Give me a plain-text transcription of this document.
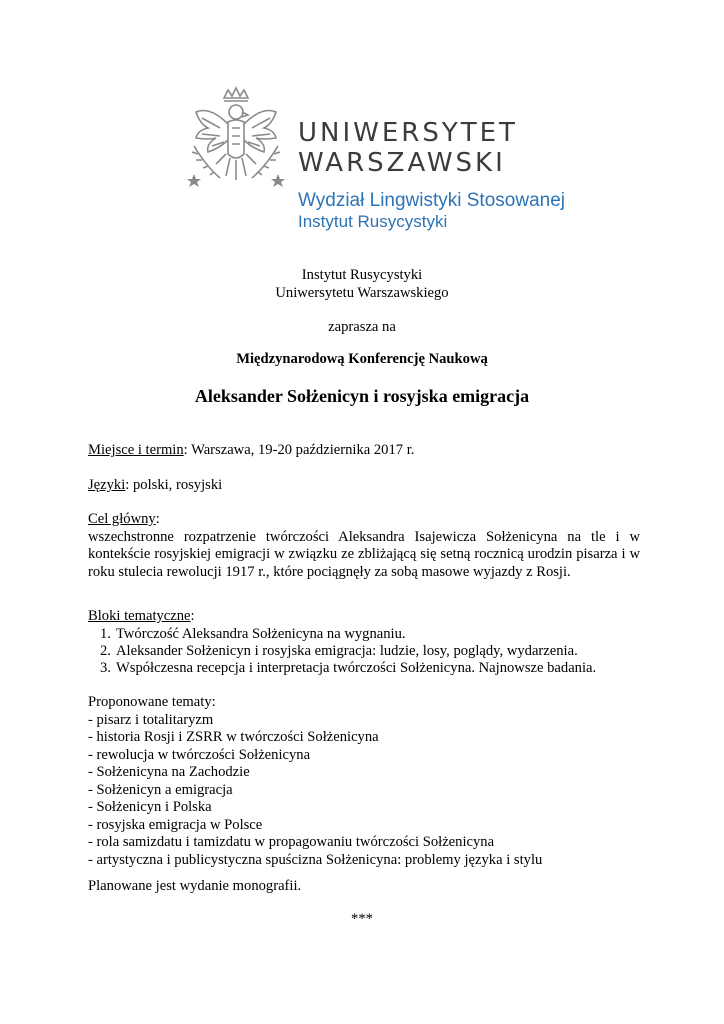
UNIWERSYTET
WARSZAWSKI
Wydział Lingwistyki Stosowanej
Instytut Rusycystyki
Instytut Rusycystyki
Uniwersytetu Warszawskiego
zaprasza na
Międzynarodową Konferencję Naukową
Aleksander Sołżenicyn i rosyjska emigracja
Miejsce i termin: Warszawa, 19-20 października 2017 r.
Języki: polski, rosyjski
Cel główny:
wszechstronne rozpatrzenie twórczości Aleksandra Isajewicza Sołżenicyna na tle i w
kontekście rosyjskiej emigracji w związku ze zbliżającą się setną rocznicą urodzin pisarza i w
roku stulecia rewolucji 1917 r., które pociągnęły za sobą masowe wyjazdy z Rosji.
Bloki tematyczne:
1. Twórczość Aleksandra Sołżenicyna na wygnaniu.
2. Aleksander Sołżenicyn i rosyjska emigracja: ludzie, losy, poglądy, wydarzenia.
3. Współczesna recepcja i interpretacja twórczości Sołżenicyna. Najnowsze badania.
Proponowane tematy:
- pisarz i totalitaryzm
- historia Rosji i ZSRR w twórczości Sołżenicyna
- rewolucja w twórczości Sołżenicyna
- Sołżenicyna na Zachodzie
- Sołżenicyn a emigracja
- Sołżenicyn i Polska
- rosyjska emigracja w Polsce
- rola samizdatu i tamizdatu w propagowaniu twórczości Sołżenicyna
- artystyczna i publicystyczna spuścizna Sołżenicyna: problemy języka i stylu
Planowane jest wydanie monografii.
***
